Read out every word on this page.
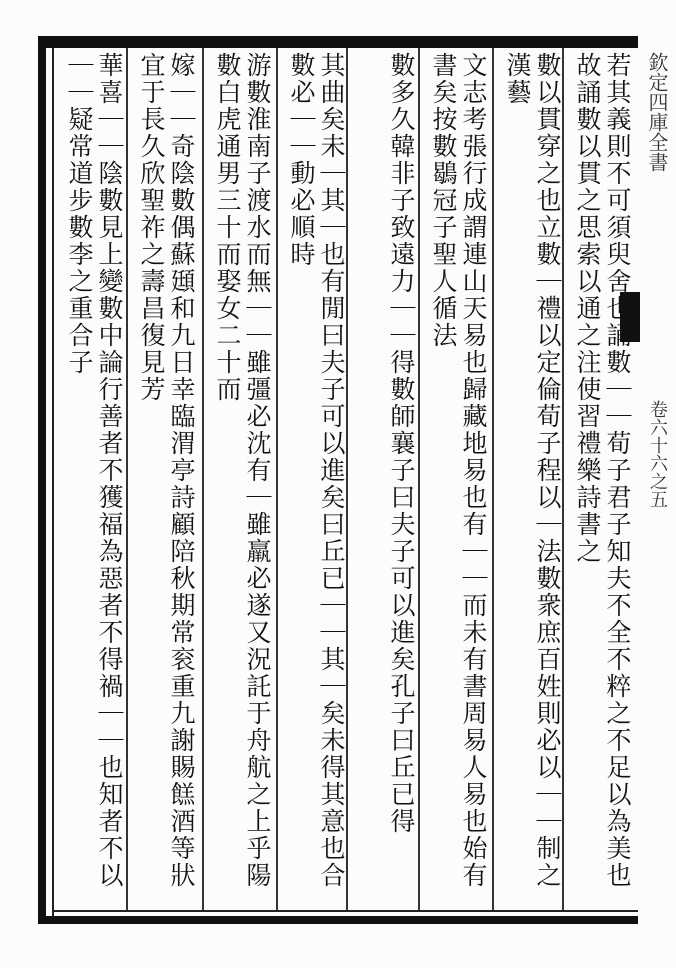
欽定四庫全書
卷六十六之五
若其義則不可須臾舍也誦數｜｜荀子君子知夫不全不粹之不足以為美也故誦數以貫之思索以通之注使習禮樂詩書之
數以貫穿之也立數｜禮以定倫荀子程以｜法數衆庶百姓則必以｜｜制之漢藝
文志考張行成謂連山天易也歸藏地易也有｜｜而未有書周易人易也始有書矣按數鶡冠子聖人循法
數多久韓非子致遠力｜｜得數師襄子曰夫子可以進矣孔子曰丘已得
其曲矣未｜其｜也有閒曰夫子可以進矣曰丘已｜｜其｜矣未得其意也合數必｜｜動必順時
游數淮南子渡水而無｜｜雖彊必沈有｜雖羸必遂又況託于舟航之上乎陽數白虎通男三十而娶女二十而
嫁｜｜奇陰數偶蘇頲和九日幸臨渭亭詩顧陪秋期常衮重九謝賜餻酒等狀宜于長久欣聖祚之壽昌復見芳
華喜｜｜陰數見上變數中論行善者不獲福為惡者不得禍｜｜也知者不以｜｜疑常道步數李之重合子
